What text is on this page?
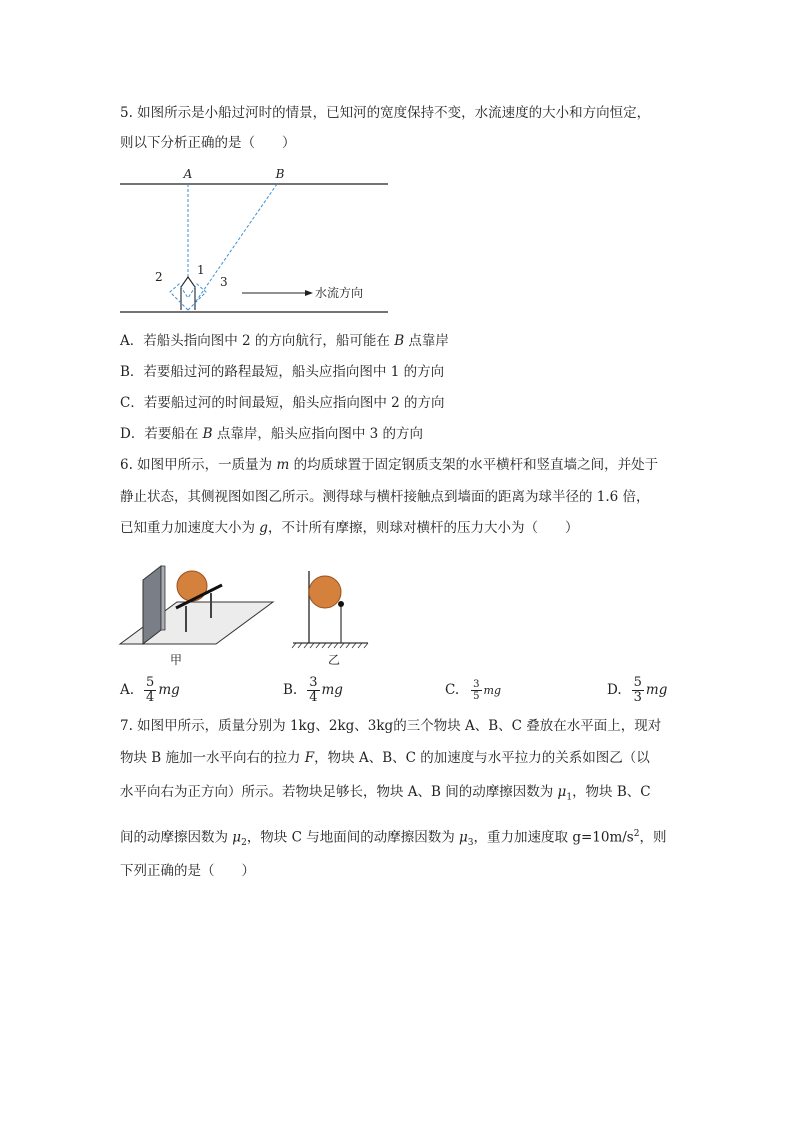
5. 如图所示是小船过河时的情景，已知河的宽度保持不变，水流速度的大小和方向恒定，
则以下分析正确的是（　　）
A	B
1
2	3
水流方向
A．若船头指向图中 2 的方向航行，船可能在 B 点靠岸
B．若要船过河的路程最短，船头应指向图中 1 的方向
C．若要船过河的时间最短，船头应指向图中 2 的方向
D．若要船在 B 点靠岸，船头应指向图中 3 的方向
6. 如图甲所示，一质量为 m 的均质球置于固定钢质支架的水平横杆和竖直墙之间，并处于
静止状态，其侧视图如图乙所示。测得球与横杆接触点到墙面的距离为球半径的 1.6 倍，
已知重力加速度大小为 g，不计所有摩擦，则球对横杆的压力大小为（　　）
甲	乙
A. $\frac{5}{4}$ mg	B. $\frac{3}{4}$ mg	C. $\frac{3}{5}$ mg	D. $\frac{5}{3}$ mg
7. 如图甲所示，质量分别为 1kg、2kg、3kg的三个物块 A、B、C 叠放在水平面上，现对
物块 B 施加一水平向右的拉力 F，物块 A、B、C 的加速度与水平拉力的关系如图乙（以
水平向右为正方向）所示。若物块足够长，物块 A、B 间的动摩擦因数为 $\mu_1$，物块 B、C
间的动摩擦因数为 $\mu_2$，物块 C 与地面间的动摩擦因数为 $\mu_3$，重力加速度取 $g=10m/s^2$，则
下列正确的是（　　）
